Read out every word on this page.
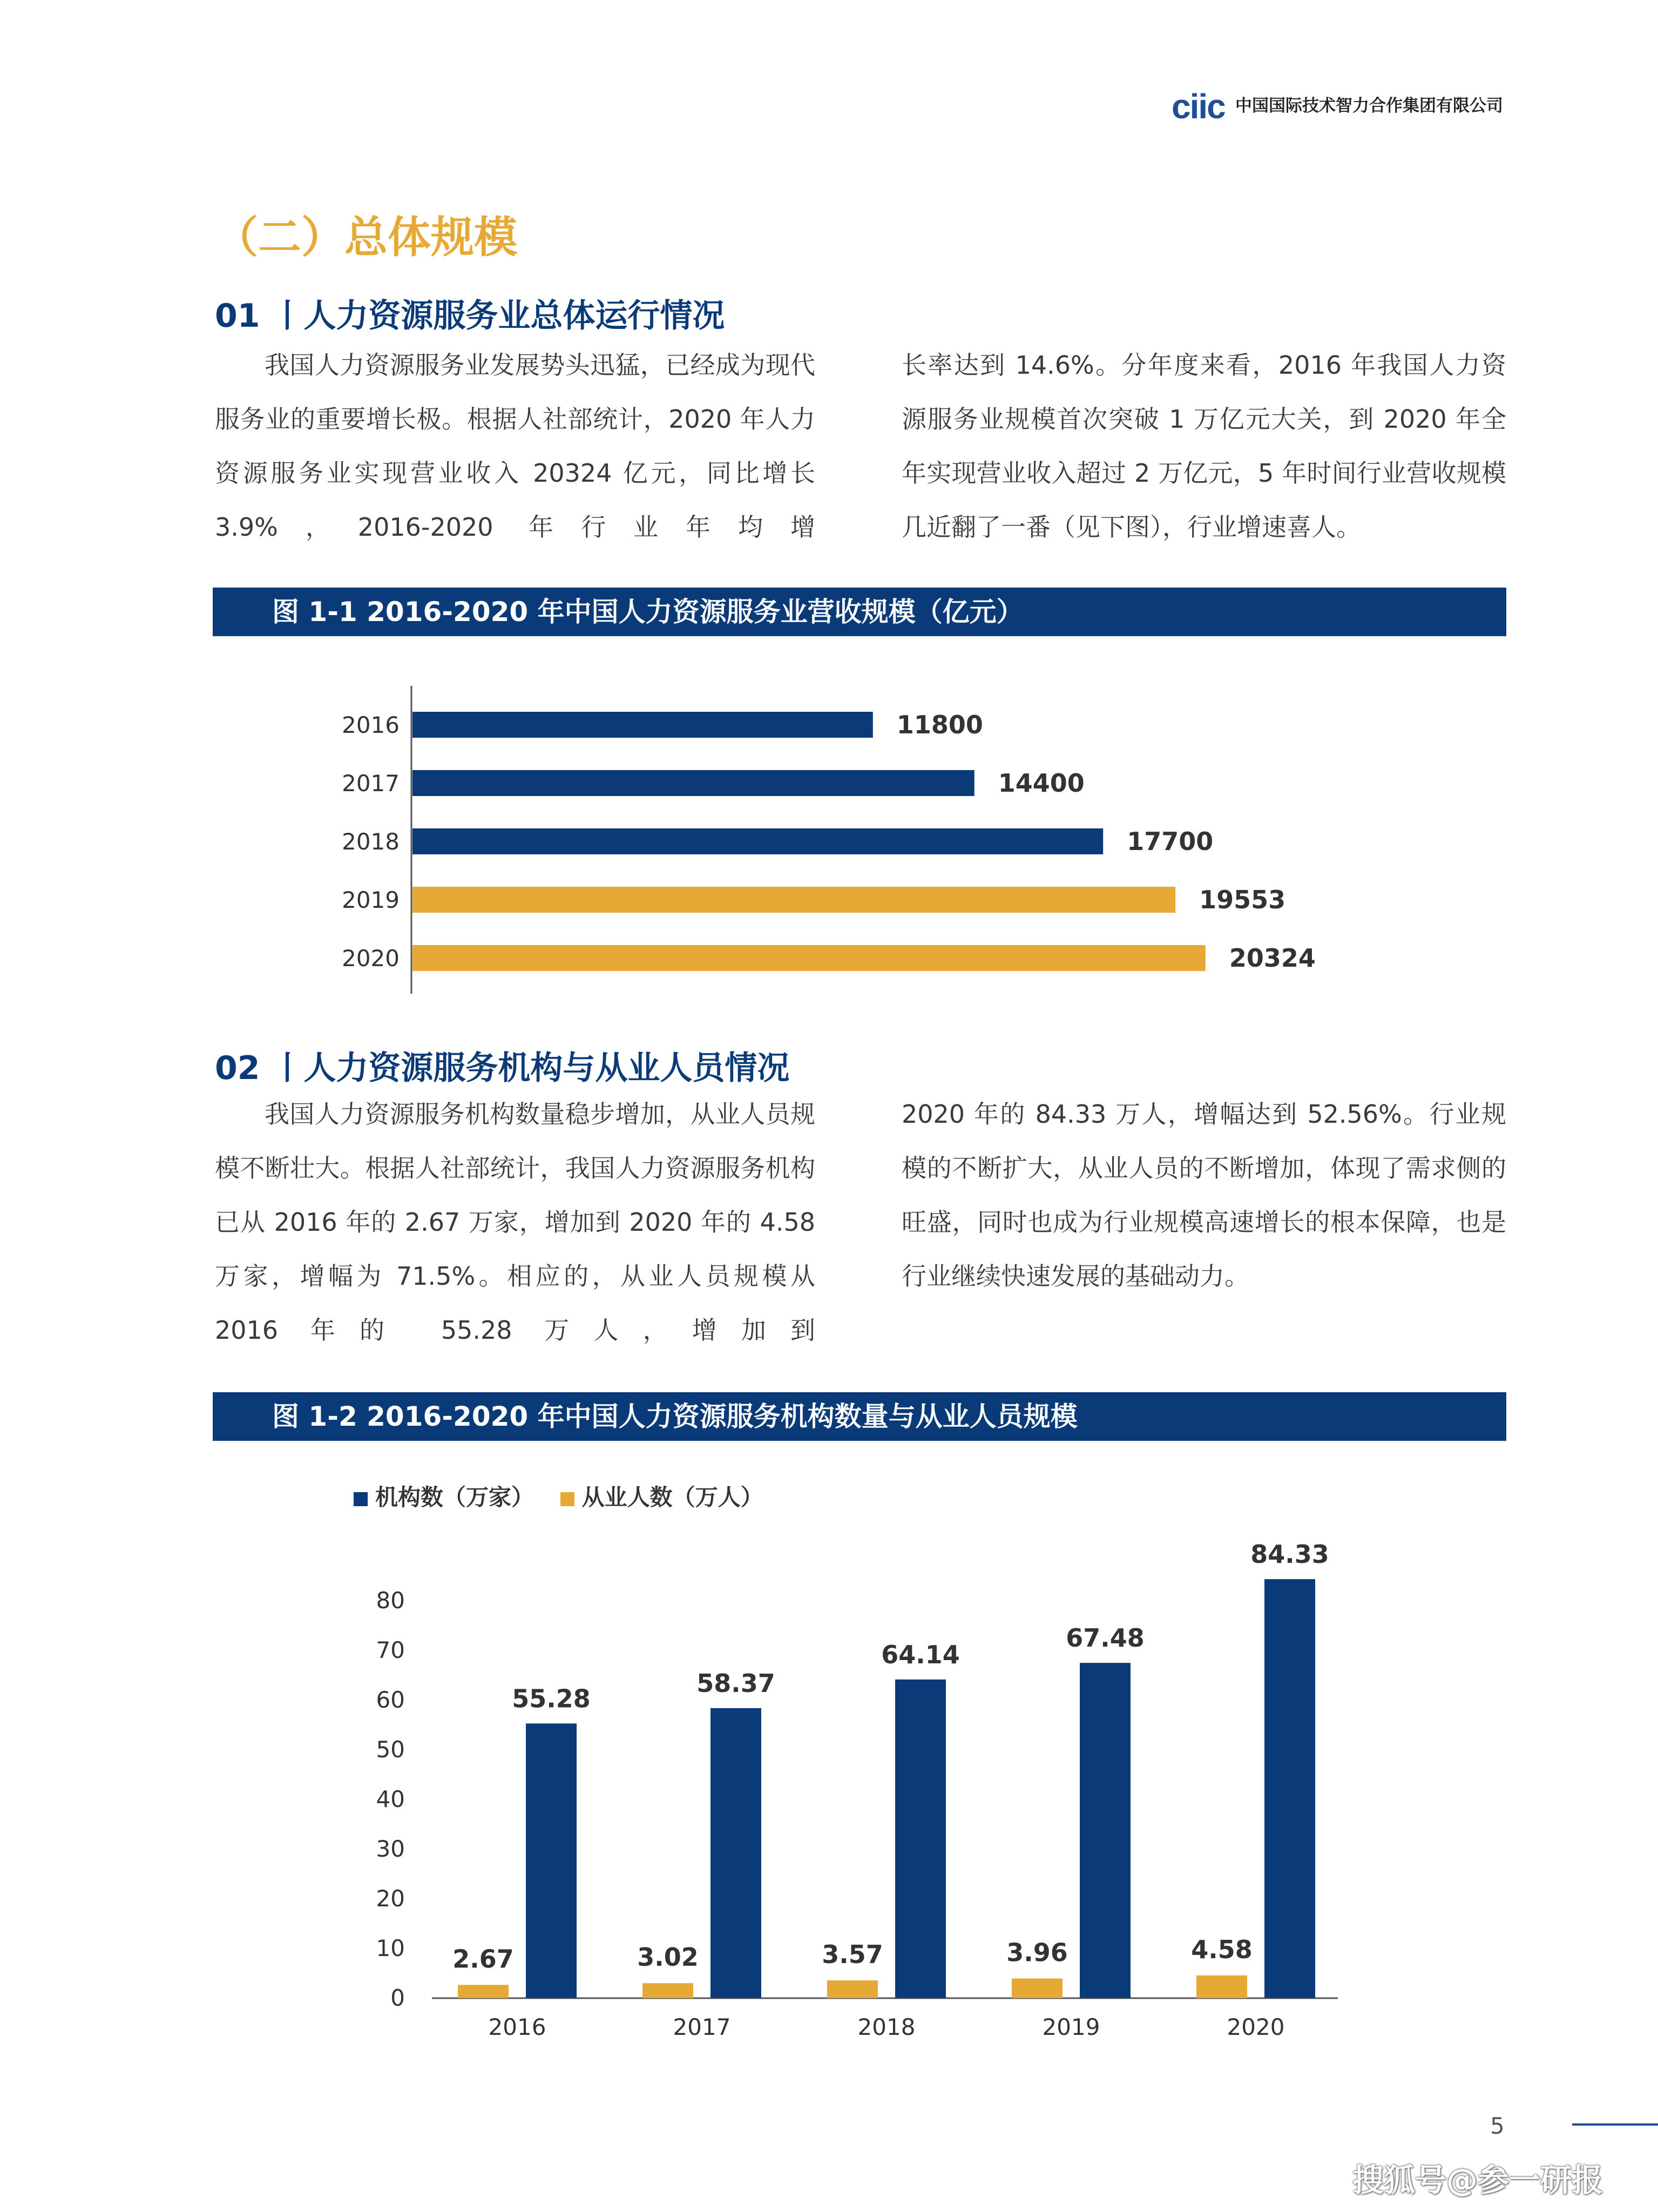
ciic 中国国际技术智力合作集团有限公司
（二）总体规模
01 丨人力资源服务业总体运行情况

我国人力资源服务业发展势头迅猛，已经成为现代服务业的重要增长极。根据人社部统计，2020 年人力资源服务业实现营业收入 20324 亿元，同比增长 3.9%，2016-2020 年行业年均增

长率达到 14.6%。分年度来看，2016 年我国人力资源服务业规模首次突破 1 万亿元大关，到 2020 年全年实现营业收入超过 2 万亿元，5 年时间行业营收规模几近翻了一番（见下图），行业增速喜人。

图 1-1 2016-2020 年中国人力资源服务业营收规模（亿元）
2016	11800
2017	14400
2018	17700
2019	19553
2020	20324
02 丨人力资源服务机构与从业人员情况

我国人力资源服务机构数量稳步增加，从业人员规模不断壮大。根据人社部统计，我国人力资源服务机构已从 2016 年的 2.67 万家，增加到 2020 年的 4.58 万家，增幅为 71.5%。相应的，从业人员规模从 2016 年的 55.28 万人，增加到

2020 年的 84.33 万人，增幅达到 52.56%。行业规模的不断扩大，从业人员的不断增加，体现了需求侧的旺盛，同时也成为行业规模高速增长的根本保障，也是行业继续快速发展的基础动力。

图 1-2 2016-2020 年中国人力资源服务机构数量与从业人员规模
机构数（万家） 从业人数（万人）
0
10
20
30
40
50
60
70
80
2.67
55.28
2016
3.02
58.37
2017
3.57
64.14
2018
3.96
67.48
2019
4.58
84.33
2020
5
搜狐号@参一研报
